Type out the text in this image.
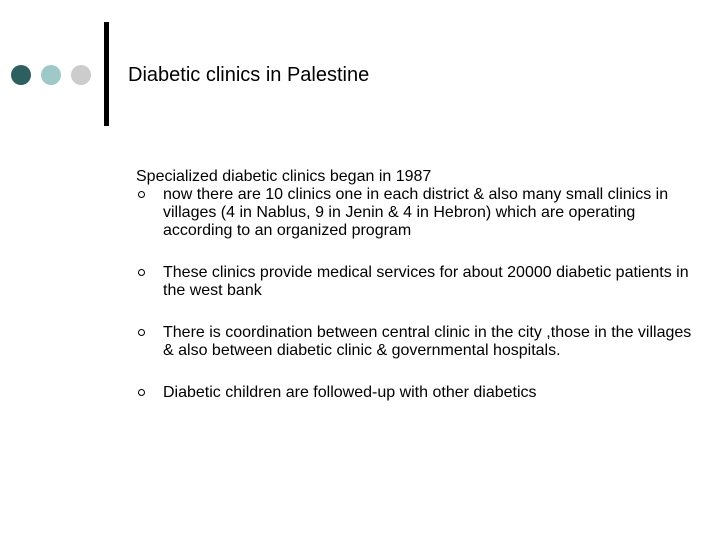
Diabetic clinics in Palestine

Specialized diabetic clinics began in 1987

now there are 10 clinics one in each district & also many small clinics in villages (4 in Nablus, 9 in Jenin & 4 in Hebron) which are operating according to an organized program
These clinics provide medical services for about 20000 diabetic patients in the west bank
There is coordination between central clinic in the city ,those in the villages & also between diabetic clinic & governmental hospitals.
Diabetic children are followed-up with other diabetics
